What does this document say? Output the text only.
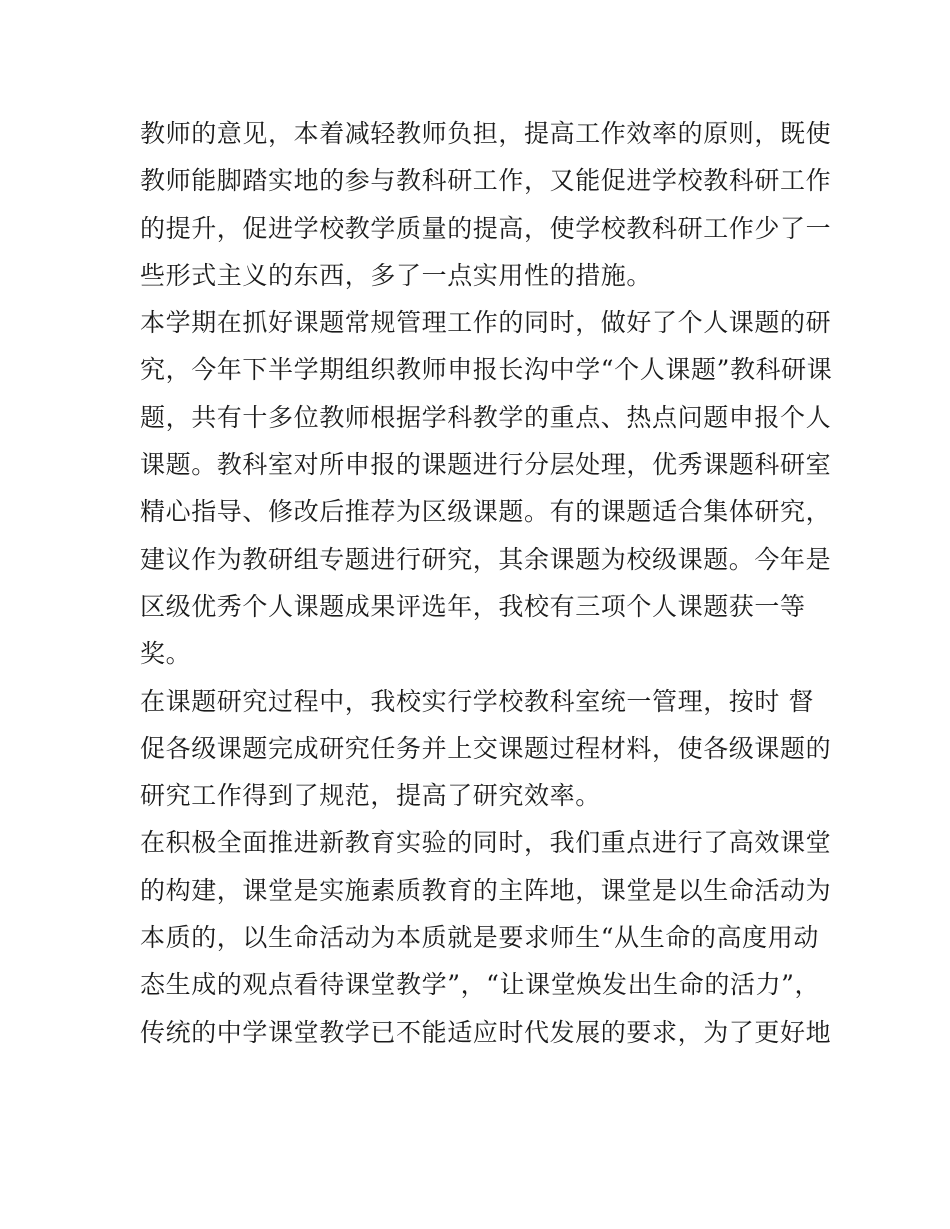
教师的意见，本着减轻教师负担，提高工作效率的原则，既使
教师能脚踏实地的参与教科研工作，又能促进学校教科研工作
的提升，促进学校教学质量的提高，使学校教科研工作少了一
些形式主义的东西，多了一点实用性的措施。
本学期在抓好课题常规管理工作的同时，做好了个人课题的研
究，今年下半学期组织教师申报长沟中学“个人课题”教科研课
题，共有十多位教师根据学科教学的重点、热点问题申报个人
课题。教科室对所申报的课题进行分层处理，优秀课题科研室
精心指导、修改后推荐为区级课题。有的课题适合集体研究，
建议作为教研组专题进行研究，其余课题为校级课题。今年是
区级优秀个人课题成果评选年，我校有三项个人课题获一等
奖。
在课题研究过程中，我校实行学校教科室统一管理，按时 督
促各级课题完成研究任务并上交课题过程材料，使各级课题的
研究工作得到了规范，提高了研究效率。
在积极全面推进新教育实验的同时，我们重点进行了高效课堂
的构建，课堂是实施素质教育的主阵地，课堂是以生命活动为
本质的，以生命活动为本质就是要求师生“从生命的高度用动
态生成的观点看待课堂教学”，“让课堂焕发出生命的活力”，
传统的中学课堂教学已不能适应时代发展的要求，为了更好地
